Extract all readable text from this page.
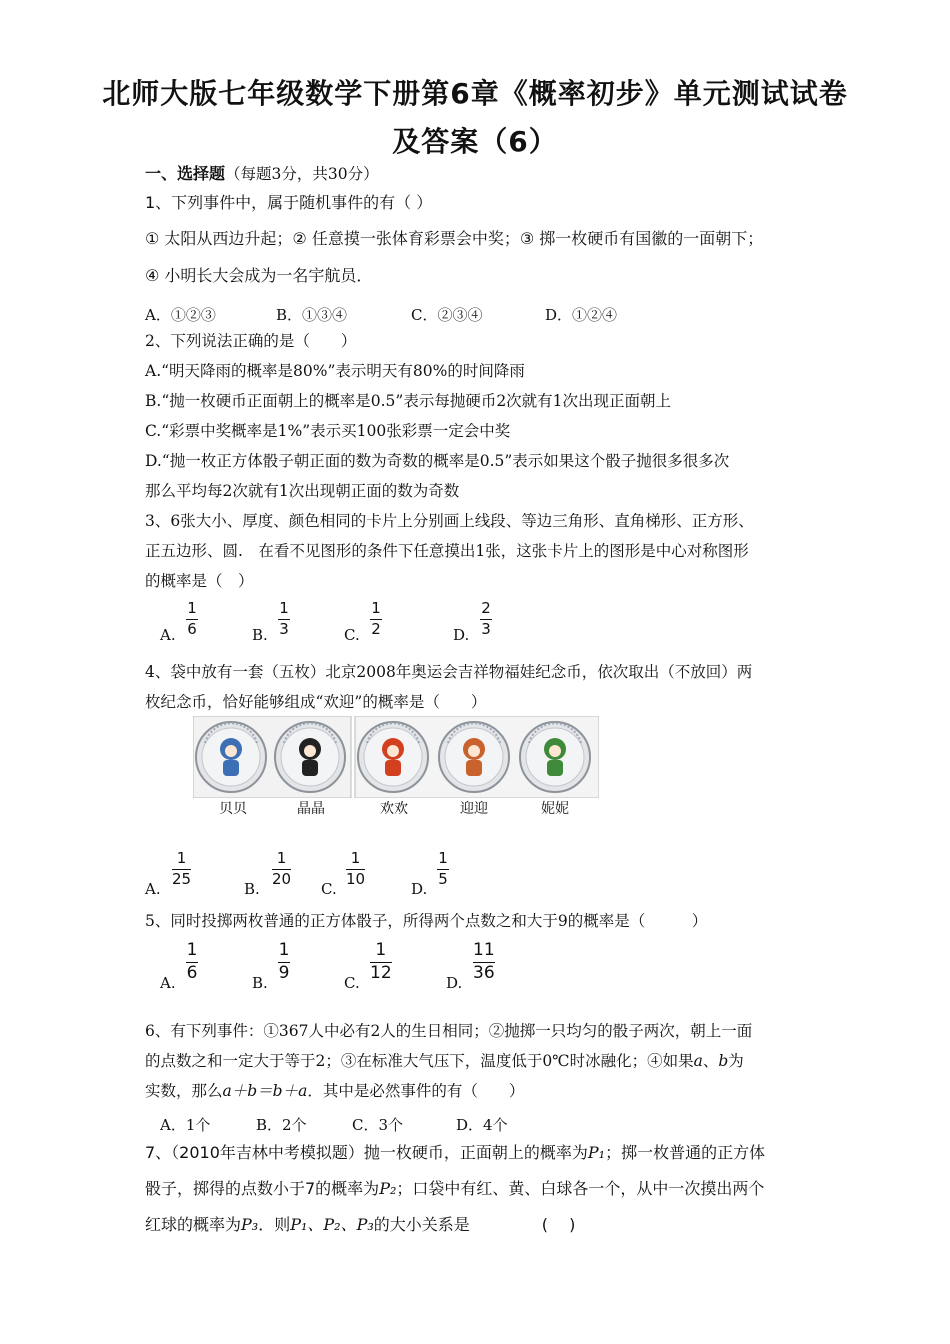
北师大版七年级数学下册第6章《概率初步》单元测试试卷
及答案（6）
一、选择题（每题3分，共30分）
1、下列事件中，属于随机事件的有（ ）
① 太阳从西边升起；② 任意摸一张体育彩票会中奖；③ 掷一枚硬币有国徽的一面朝下；
④ 小明长大会成为一名宇航员．
A．①②③	B．①③④	C．②③④	D．①②④
2、下列说法正确的是（　　）
A.“明天降雨的概率是80%”表示明天有80%的时间降雨
B.“抛一枚硬币正面朝上的概率是0.5”表示每抛硬币2次就有1次出现正面朝上
C.“彩票中奖概率是1%”表示买100张彩票一定会中奖
D.“抛一枚正方体骰子朝正面的数为奇数的概率是0.5”表示如果这个骰子抛很多很多次
那么平均每2次就有1次出现朝正面的数为奇数
3、6张大小、厚度、颜色相同的卡片上分别画上线段、等边三角形、直角梯形、正方形、
正五边形、圆.　在看不见图形的条件下任意摸出1张，这张卡片上的图形是中心对称图形
的概率是（　）
A.
1
6	B.
1
3	C.
1
2	D.
2
3
4、袋中放有一套（五枚）北京2008年奥运会吉祥物福娃纪念币，依次取出（不放回）两
枚纪念币，恰好能够组成“欢迎”的概率是（　　）
贝贝	晶晶	欢欢	迎迎	妮妮
A.
1
25
B.
1
20
C.
1
10
D.
1
5
5、同时投掷两枚普通的正方体骰子，所得两个点数之和大于9的概率是（　　　）
A.
1
6
B.
1
9
C.
1
12
D.
11
36
6、有下列事件：①367人中必有2人的生日相同；②抛掷一只均匀的骰子两次，朝上一面
的点数之和一定大于等于2；③在标准大气压下，温度低于0℃时冰融化；④如果a、b为
实数，那么a＋b＝b＋a．其中是必然事件的有（　　）
A．1个	B．2个	C．3个	D．4个
7、（2010年吉林中考模拟题）抛一枚硬币，正面朝上的概率为P₁；掷一枚普通的正方体
骰子，掷得的点数小于7的概率为P₂；口袋中有红、黄、白球各一个，从中一次摸出两个
红球的概率为P₃．则P₁、P₂、P₃的大小关系是	(　 )
